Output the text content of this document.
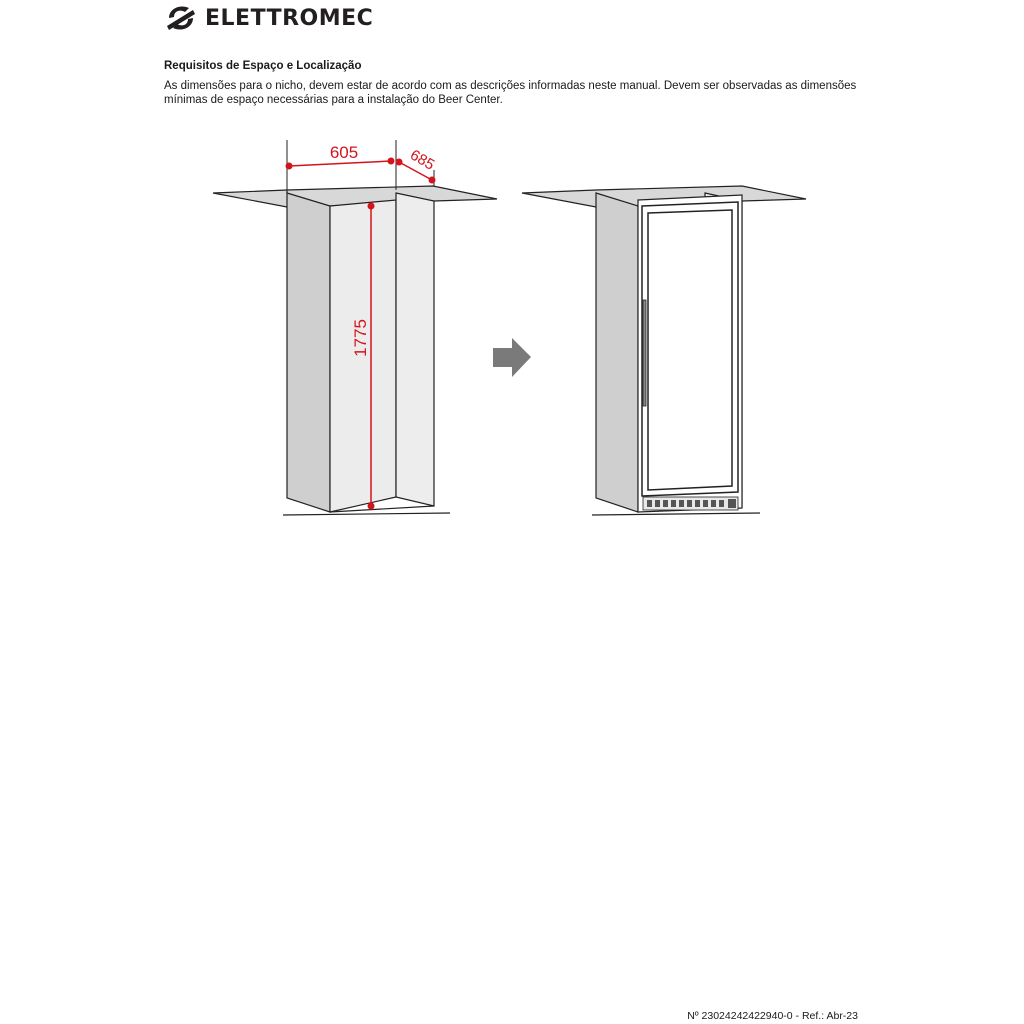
ELETTROMEC
Requisitos de Espaço e Localização
As dimensões para o nicho, devem estar de acordo com as descrições informadas neste manual. Devem ser observadas as dimensões mínimas de espaço necessárias para a instalação do Beer Center.
605	685
1775
Nº 23024242422940-0 - Ref.: Abr-23
